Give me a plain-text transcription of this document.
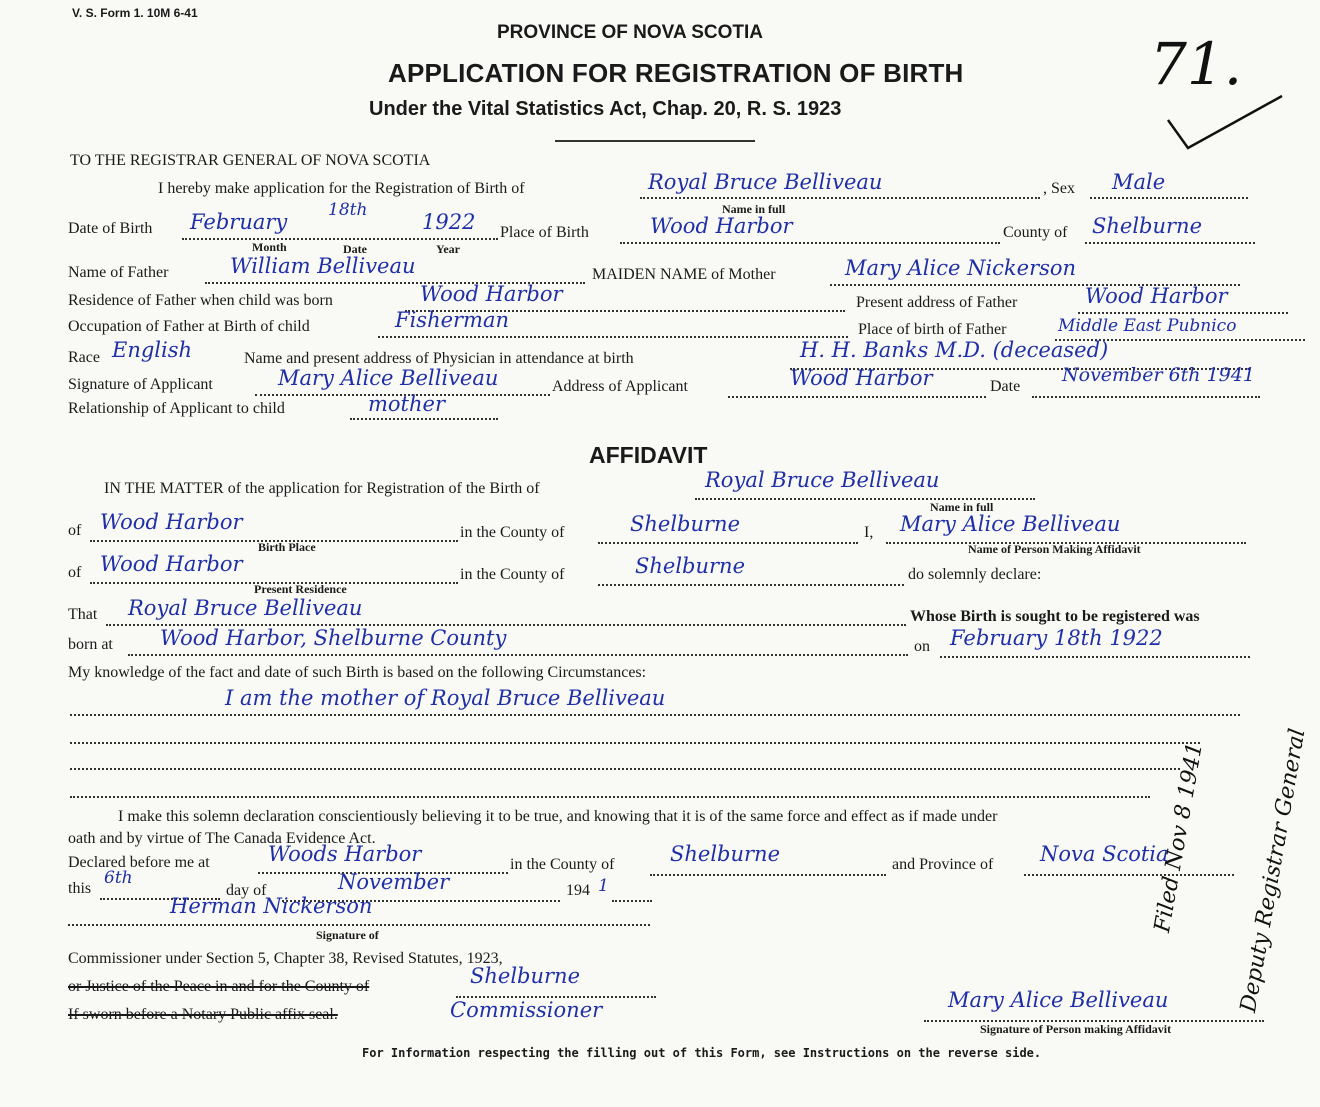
V. S. Form 1. 10M 6-41
PROVINCE OF NOVA SCOTIA
APPLICATION FOR REGISTRATION OF BIRTH
Under the Vital Statistics Act, Chap. 20, R. S. 1923
71.
TO THE REGISTRAR GENERAL OF NOVA SCOTIA
I hereby make application for the Registration of Birth of	Royal Bruce Belliveau
Name in full
, Sex Male
Date of Birth February 18th	1922
Month	Date	Year
Place of Birth	Wood Harbor	County of Shelburne
Name of Father	William Belliveau	MAIDEN NAME of Mother	Mary Alice Nickerson
Residence of Father when child was born	Wood Harbor	Present address of Father	Wood Harbor
Occupation of Father at Birth of child	Fisherman	Place of birth of Father	Middle East Pubnico
Race English	Name and present address of Physician in attendance at birth	H. H. Banks M.D. (deceased)
Signature of Applicant	Mary Alice Belliveau	Address of Applicant	Wood Harbor	Date
November 6th 1941
Relationship of Applicant to child	mother
AFFIDAVIT
IN THE MATTER of the application for Registration of the Birth of	Royal Bruce Belliveau
Name in full
of Wood Harbor
Birth Place
in the County of	Shelburne	I, Mary Alice Belliveau
Name of Person Making Affidavit
of Wood Harbor
Present Residence
in the County of	Shelburne	do solemnly declare:
That Royal Bruce Belliveau	Whose Birth is sought to be registered was
born at Wood Harbor, Shelburne County	on February 18th 1922
My knowledge of the fact and date of such Birth is based on the following Circumstances:
I am the mother of Royal Bruce Belliveau
I make this solemn declaration conscientiously believing it to be true, and knowing that it is of the same force and effect as if made under
oath and by virtue of The Canada Evidence Act.
Declared before me at	Woods Harbor	in the County of	Shelburne	and Province of Nova Scotia
this
6th
day of	November	194 1
Herman Nickerson
Signature of
Commissioner under Section 5, Chapter 38, Revised Statutes, 1923,
or Justice of the Peace in and for the County of	Shelburne
If sworn before a Notary Public affix seal.	Commissioner	Mary Alice Belliveau
Signature of Person making Affidavit
Filed Nov 8 1941 Deputy Registrar General
For Information respecting the filling out of this Form, see Instructions on the reverse side.
